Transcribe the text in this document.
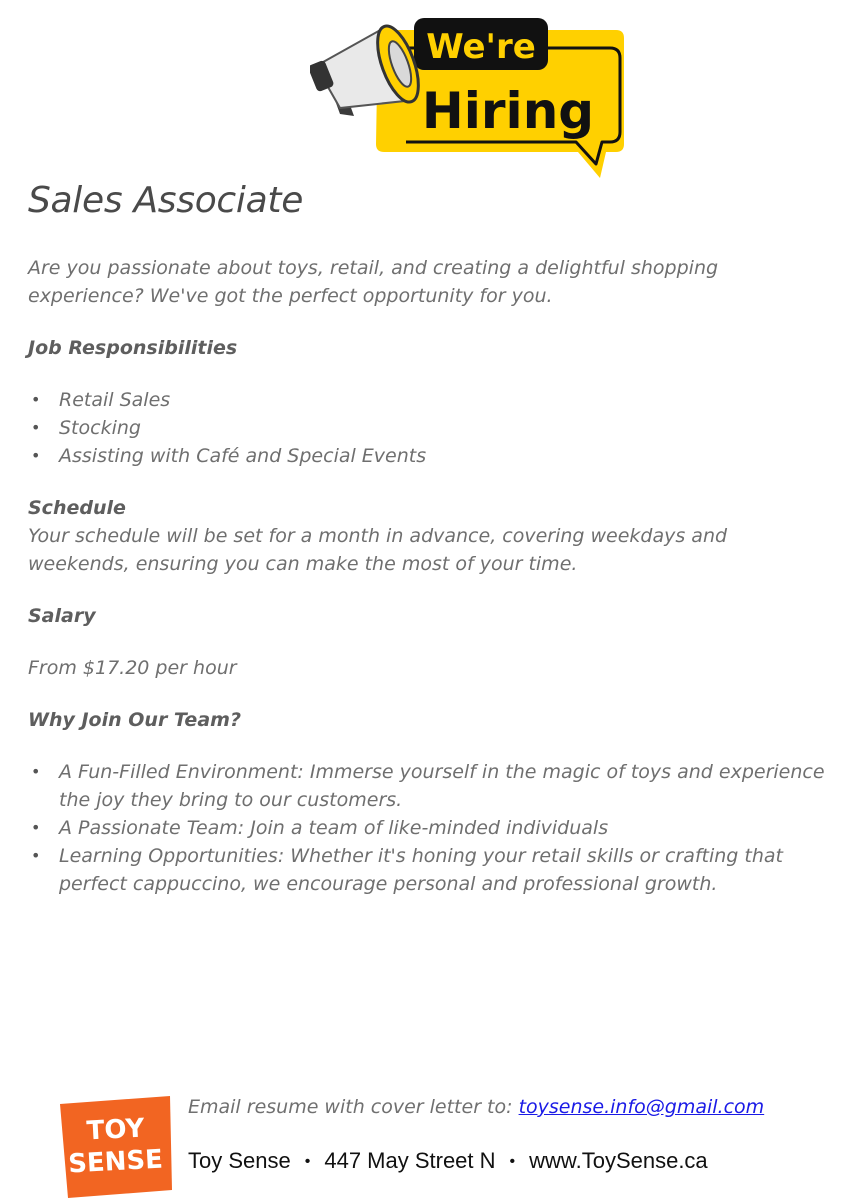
We're
Hiring
Sales Associate

Are you passionate about toys, retail, and creating a delightful shopping experience? We've got the perfect opportunity for you.

Job Responsibilities
• Retail Sales
• Stocking
• Assisting with Café and Special Events
Schedule

Your schedule will be set for a month in advance, covering weekdays and weekends, ensuring you can make the most of your time.

Salary

From $17.20 per hour

Why Join Our Team?
• A Fun-Filled Environment: Immerse yourself in the magic of toys and experience the joy they bring to our customers.
• A Passionate Team: Join a team of like-minded individuals
• Learning Opportunities: Whether it's honing your retail skills or crafting that perfect cappuccino, we encourage personal and professional growth.
TOY
SENSE
Email resume with cover letter to: toysense.info@gmail.com
Toy Sense • 447 May Street N • www.ToySense.ca
